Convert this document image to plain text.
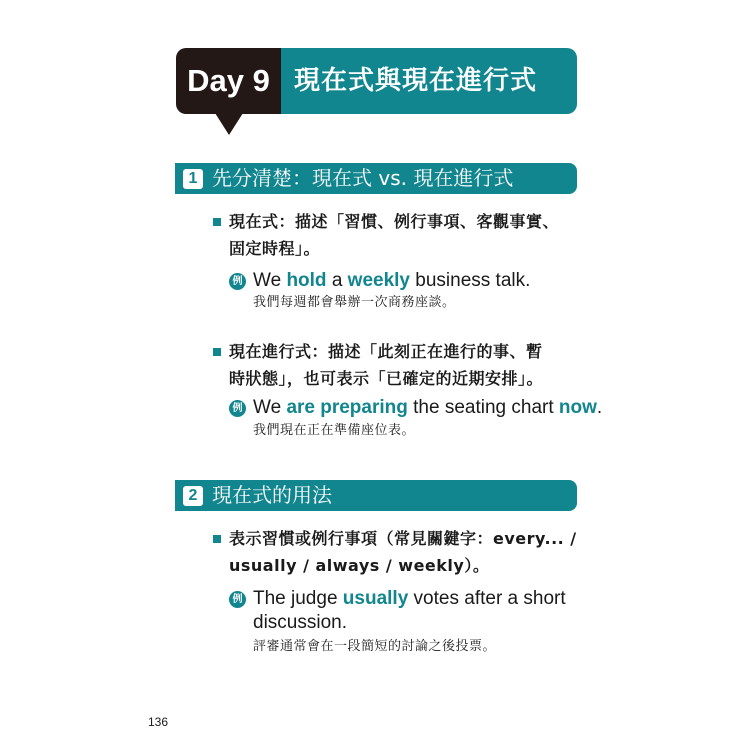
Day 9 現在式與現在進行式
1 先分清楚：現在式 vs. 現在進行式
現在式：描述「習慣、例行事項、客觀事實、
固定時程」。
例 We hold a weekly business talk.
我們每週都會舉辦一次商務座談。
現在進行式：描述「此刻正在進行的事、暫
時狀態」，也可表示「已確定的近期安排」。
例 We are preparing the seating chart now.
我們現在正在準備座位表。
2 現在式的用法
表示習慣或例行事項（常見關鍵字：every... /
usually / always / weekly）。
例 The judge usually votes after a short
discussion.
評審通常會在一段簡短的討論之後投票。
136
